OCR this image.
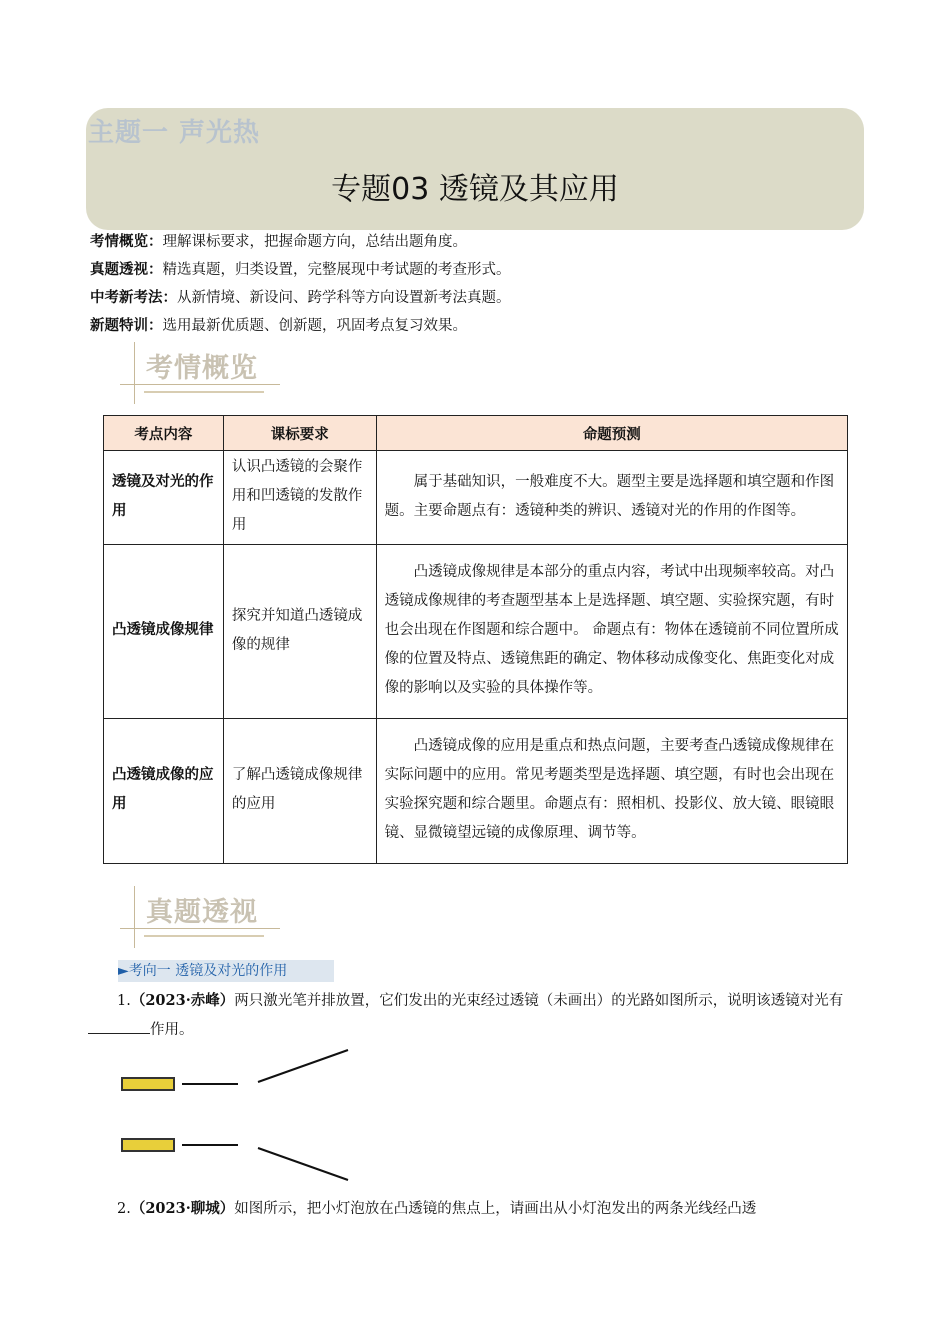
主题一 声光热
专题03 透镜及其应用
考情概览：理解课标要求，把握命题方向，总结出题角度。
真题透视：精选真题，归类设置，完整展现中考试题的考查形式。
中考新考法：从新情境、新设问、跨学科等方向设置新考法真题。
新题特训：选用最新优质题、创新题，巩固考点复习效果。
考情概览
考点内容	课标要求	命题预测
透镜及对光的作用	认识凸透镜的会聚作用和凹透镜的发散作用	属于基础知识，一般难度不大。题型主要是选择题和填空题和作图题。主要命题点有：透镜种类的辨识、透镜对光的作用的作图等。
凸透镜成像规律	探究并知道凸透镜成像的规律	凸透镜成像规律是本部分的重点内容，考试中出现频率较高。对凸透镜成像规律的考查题型基本上是选择题、填空题、实验探究题，有时也会出现在作图题和综合题中。 命题点有：物体在透镜前不同位置所成像的位置及特点、透镜焦距的确定、物体移动成像变化、焦距变化对成像的影响以及实验的具体操作等。
凸透镜成像的应用	了解凸透镜成像规律的应用	凸透镜成像的应用是重点和热点问题，主要考查凸透镜成像规律在实际问题中的应用。常见考题类型是选择题、填空题，有时也会出现在实验探究题和综合题里。命题点有：照相机、投影仪、放大镜、眼镜眼镜、显微镜望远镜的成像原理、调节等。
真题透视
►考向一 透镜及对光的作用
1.（2023·赤峰）两只激光笔并排放置，它们发出的光束经过透镜（未画出）的光路如图所示，说明该透镜对光有作用。
2.（2023·聊城）如图所示，把小灯泡放在凸透镜的焦点上，请画出从小灯泡发出的两条光线经凸透
